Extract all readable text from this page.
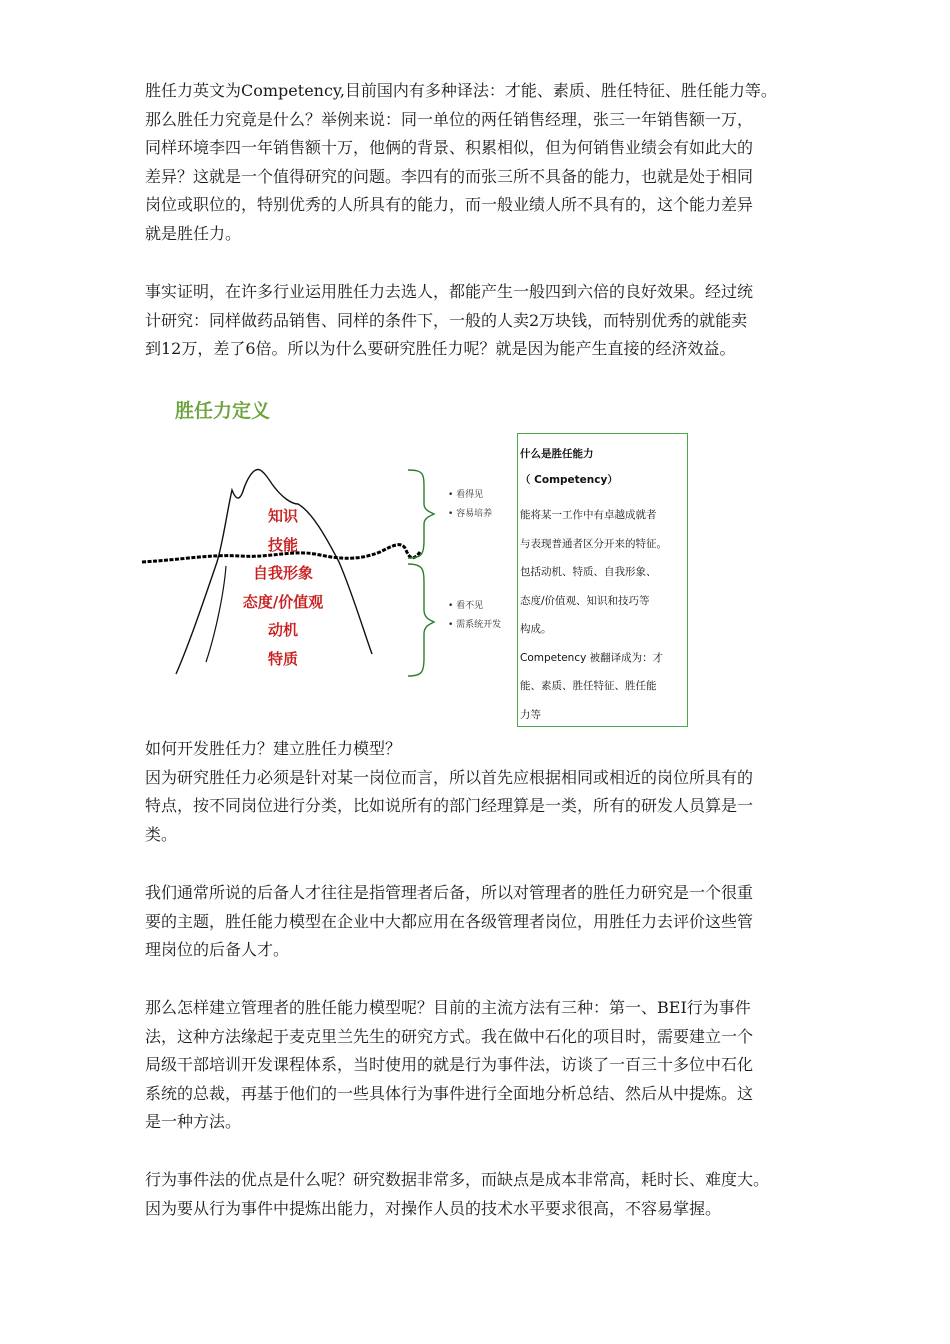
胜任力英文为Competency,目前国内有多种译法：才能、素质、胜任特征、胜任能力等。

那么胜任力究竟是什么？举例来说：同一单位的两任销售经理，张三一年销售额一万，

同样环境李四一年销售额十万，他俩的背景、积累相似，但为何销售业绩会有如此大的

差异？这就是一个值得研究的问题。李四有的而张三所不具备的能力，也就是处于相同

岗位或职位的，特别优秀的人所具有的能力，而一般业绩人所不具有的，这个能力差异

就是胜任力。

事实证明，在许多行业运用胜任力去选人，都能产生一般四到六倍的良好效果。经过统

计研究：同样做药品销售、同样的条件下，一般的人卖2万块钱，而特别优秀的就能卖

到12万，差了6倍。所以为什么要研究胜任力呢？就是因为能产生直接的经济效益。

胜任力定义
知识
技能
自我形象
态度/价值观
动机
特质
• 看得见
• 容易培养
• 看不见
• 需系统开发
什么是胜任能力
（ Competency）
能将某一工作中有卓越成就者
与表现普通者区分开来的特征。
包括动机、特质、自我形象、
态度/价值观、知识和技巧等
构成。
Competency 被翻译成为：才
能、素质、胜任特征、胜任能
力等

如何开发胜任力？建立胜任力模型？

因为研究胜任力必须是针对某一岗位而言，所以首先应根据相同或相近的岗位所具有的

特点，按不同岗位进行分类，比如说所有的部门经理算是一类，所有的研发人员算是一

类。

我们通常所说的后备人才往往是指管理者后备，所以对管理者的胜任力研究是一个很重

要的主题，胜任能力模型在企业中大都应用在各级管理者岗位，用胜任力去评价这些管

理岗位的后备人才。

那么怎样建立管理者的胜任能力模型呢？目前的主流方法有三种：第一、BEI行为事件

法，这种方法缘起于麦克里兰先生的研究方式。我在做中石化的项目时，需要建立一个

局级干部培训开发课程体系，当时使用的就是行为事件法，访谈了一百三十多位中石化

系统的总裁，再基于他们的一些具体行为事件进行全面地分析总结、然后从中提炼。这

是一种方法。

行为事件法的优点是什么呢？研究数据非常多，而缺点是成本非常高，耗时长、难度大。

因为要从行为事件中提炼出能力，对操作人员的技术水平要求很高，不容易掌握。
